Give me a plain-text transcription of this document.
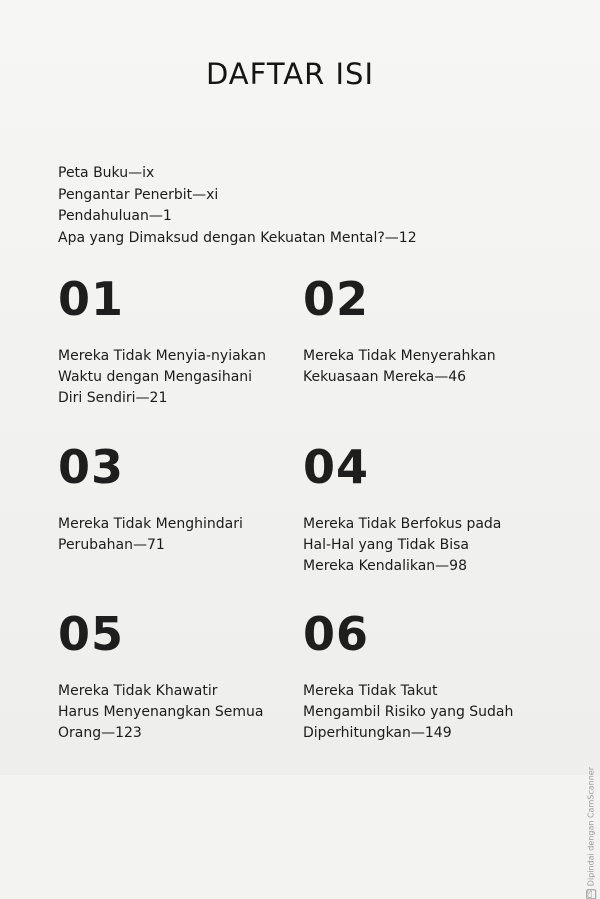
DAFTAR ISI
Peta Buku—ix
Pengantar Penerbit—xi
Pendahuluan—1
Apa yang Dimaksud dengan Kekuatan Mental?—12
01
Mereka Tidak Menyia-nyiakan
Waktu dengan Mengasihani
Diri Sendiri—21
02
Mereka Tidak Menyerahkan
Kekuasaan Mereka—46
03
Mereka Tidak Menghindari
Perubahan—71
04
Mereka Tidak Berfokus pada
Hal-Hal yang Tidak Bisa
Mereka Kendalikan—98
05
Mereka Tidak Khawatir
Harus Menyenangkan Semua
Orang—123
06
Mereka Tidak Takut
Mengambil Risiko yang Sudah
Diperhitungkan—149
CSDipindai dengan CamScanner
